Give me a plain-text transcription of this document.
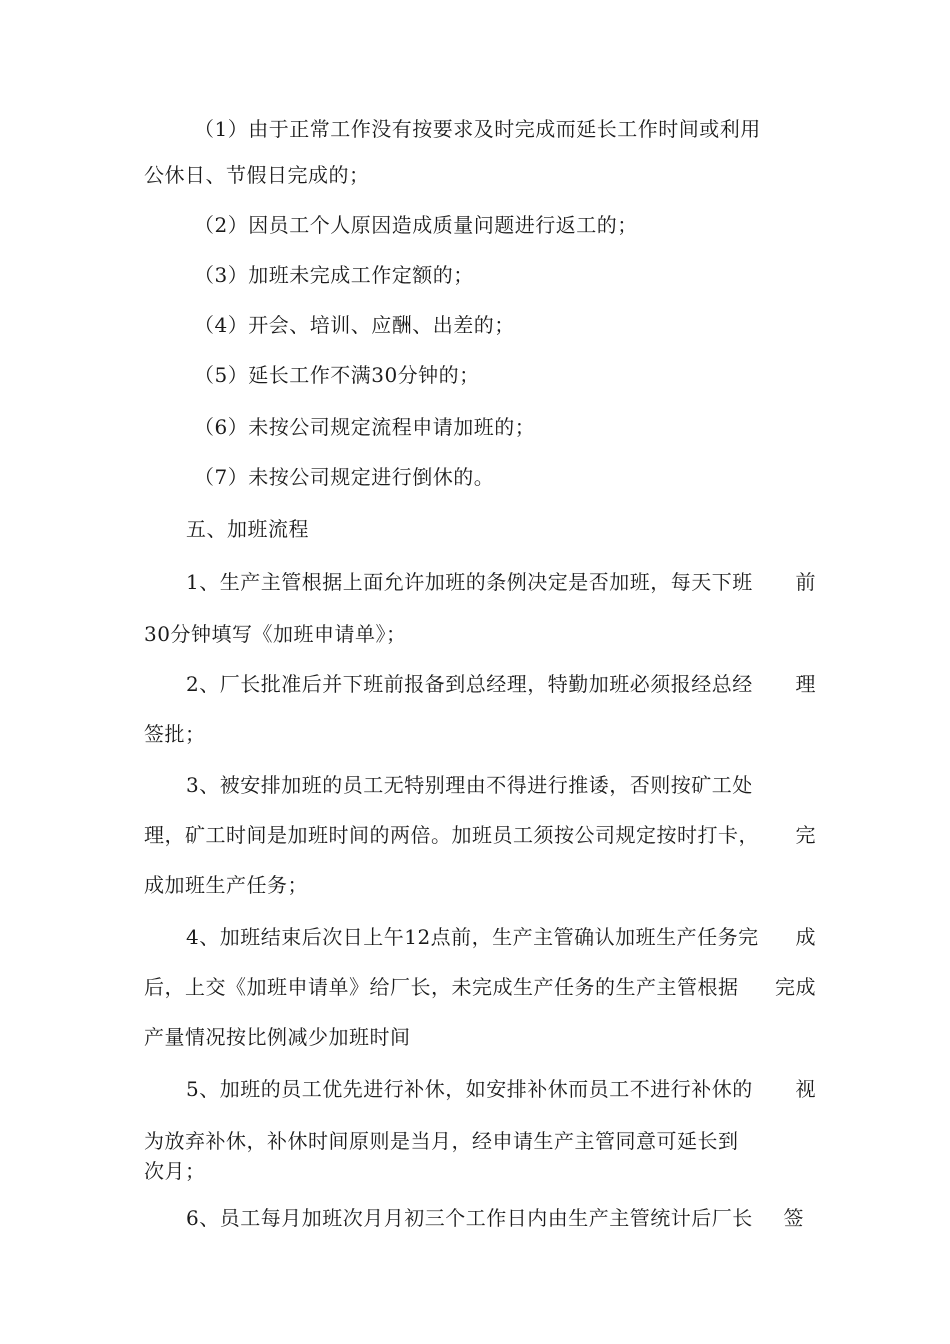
（1）由于正常工作没有按要求及时完成而延长工作时间或利用
公休日、节假日完成的；
（2）因员工个人原因造成质量问题进行返工的；
（3）加班未完成工作定额的；
（4）开会、培训、应酬、出差的；
（5）延长工作不满30分钟的；
（6）未按公司规定流程申请加班的；
（7）未按公司规定进行倒休的。
五、加班流程
1、生产主管根据上面允许加班的条例决定是否加班，每天下班 前
30分钟填写《加班申请单》；
2、厂长批准后并下班前报备到总经理，特勤加班必须报经总经 理
签批；
3、被安排加班的员工无特别理由不得进行推诿，否则按矿工处
理，矿工时间是加班时间的两倍。加班员工须按公司规定按时打卡， 完
成加班生产任务；
4、加班结束后次日上午12点前，生产主管确认加班生产任务完 成
后，上交《加班申请单》给厂长，未完成生产任务的生产主管根据 完成
产量情况按比例减少加班时间
5、加班的员工优先进行补休，如安排补休而员工不进行补休的 视
为放弃补休，补休时间原则是当月，经申请生产主管同意可延长到
次月；
6、员工每月加班次月月初三个工作日内由生产主管统计后厂长 签
